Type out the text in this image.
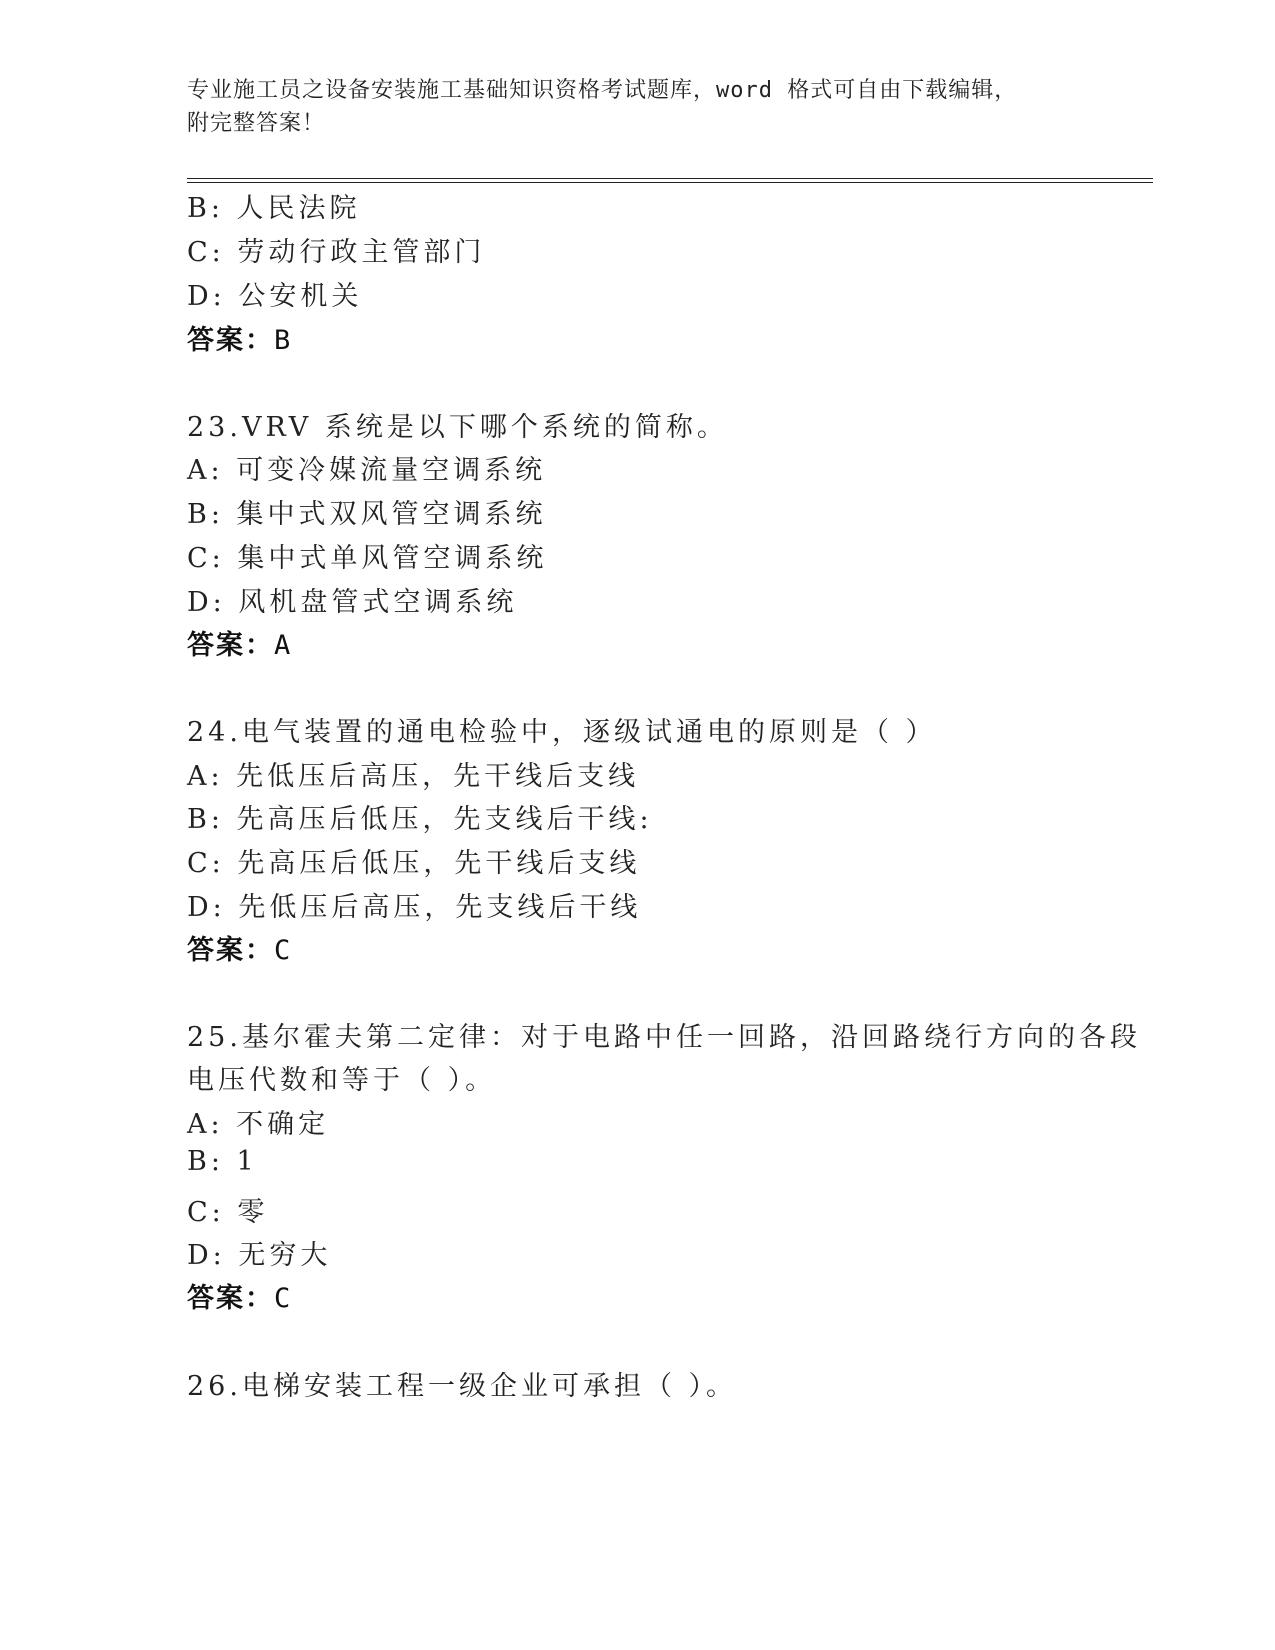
专业施工员之设备安装施工基础知识资格考试题库，word 格式可自由下载编辑，
附完整答案！
B: 人民法院
C: 劳动行政主管部门
D: 公安机关
答案：B
23.VRV 系统是以下哪个系统的简称。
A: 可变冷媒流量空调系统
B: 集中式双风管空调系统
C: 集中式单风管空调系统
D: 风机盘管式空调系统
答案：A
24.电气装置的通电检验中，逐级试通电的原则是（ ）
A: 先低压后高压，先干线后支线
B: 先高压后低压，先支线后干线:
C: 先高压后低压，先干线后支线
D: 先低压后高压，先支线后干线
答案：C
25.基尔霍夫第二定律：对于电路中任一回路，沿回路绕行方向的各段
电压代数和等于（ ）。
A: 不确定
B: 1
C: 零
D: 无穷大
答案：C
26.电梯安装工程一级企业可承担（ ）。
